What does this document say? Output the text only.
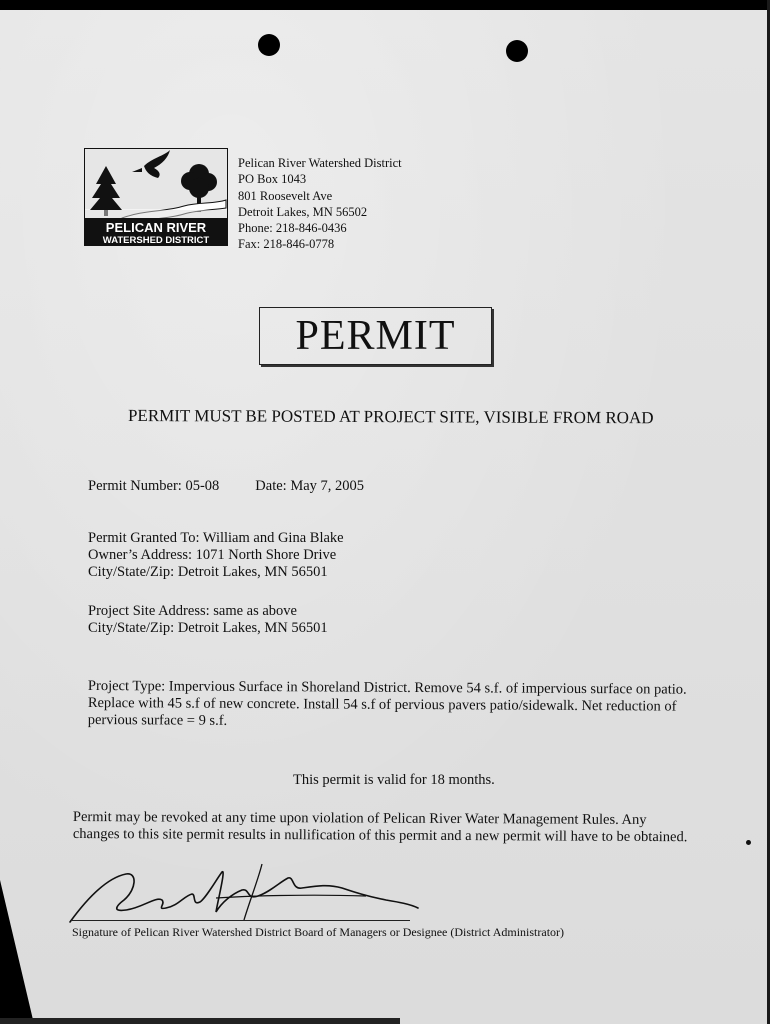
PELICAN RIVER
WATERSHED DISTRICT
Pelican River Watershed District
PO Box 1043
801 Roosevelt Ave
Detroit Lakes, MN 56502
Phone: 218-846-0436
Fax: 218-846-0778
PERMIT
PERMIT MUST BE POSTED AT PROJECT SITE, VISIBLE FROM ROAD
Permit Number: 05-08 Date: May 7, 2005
Permit Granted To: William and Gina Blake
Owner’s Address: 1071 North Shore Drive
City/State/Zip: Detroit Lakes, MN 56501
Project Site Address: same as above
City/State/Zip: Detroit Lakes, MN 56501
Project Type: Impervious Surface in Shoreland District. Remove 54 s.f. of impervious surface on patio.
Replace with 45 s.f of new concrete. Install 54 s.f of pervious pavers patio/sidewalk. Net reduction of
pervious surface = 9 s.f.
This permit is valid for 18 months.
Permit may be revoked at any time upon violation of Pelican River Water Management Rules. Any
changes to this site permit results in nullification of this permit and a new permit will have to be obtained.
Signature of Pelican River Watershed District Board of Managers or Designee (District Administrator)
